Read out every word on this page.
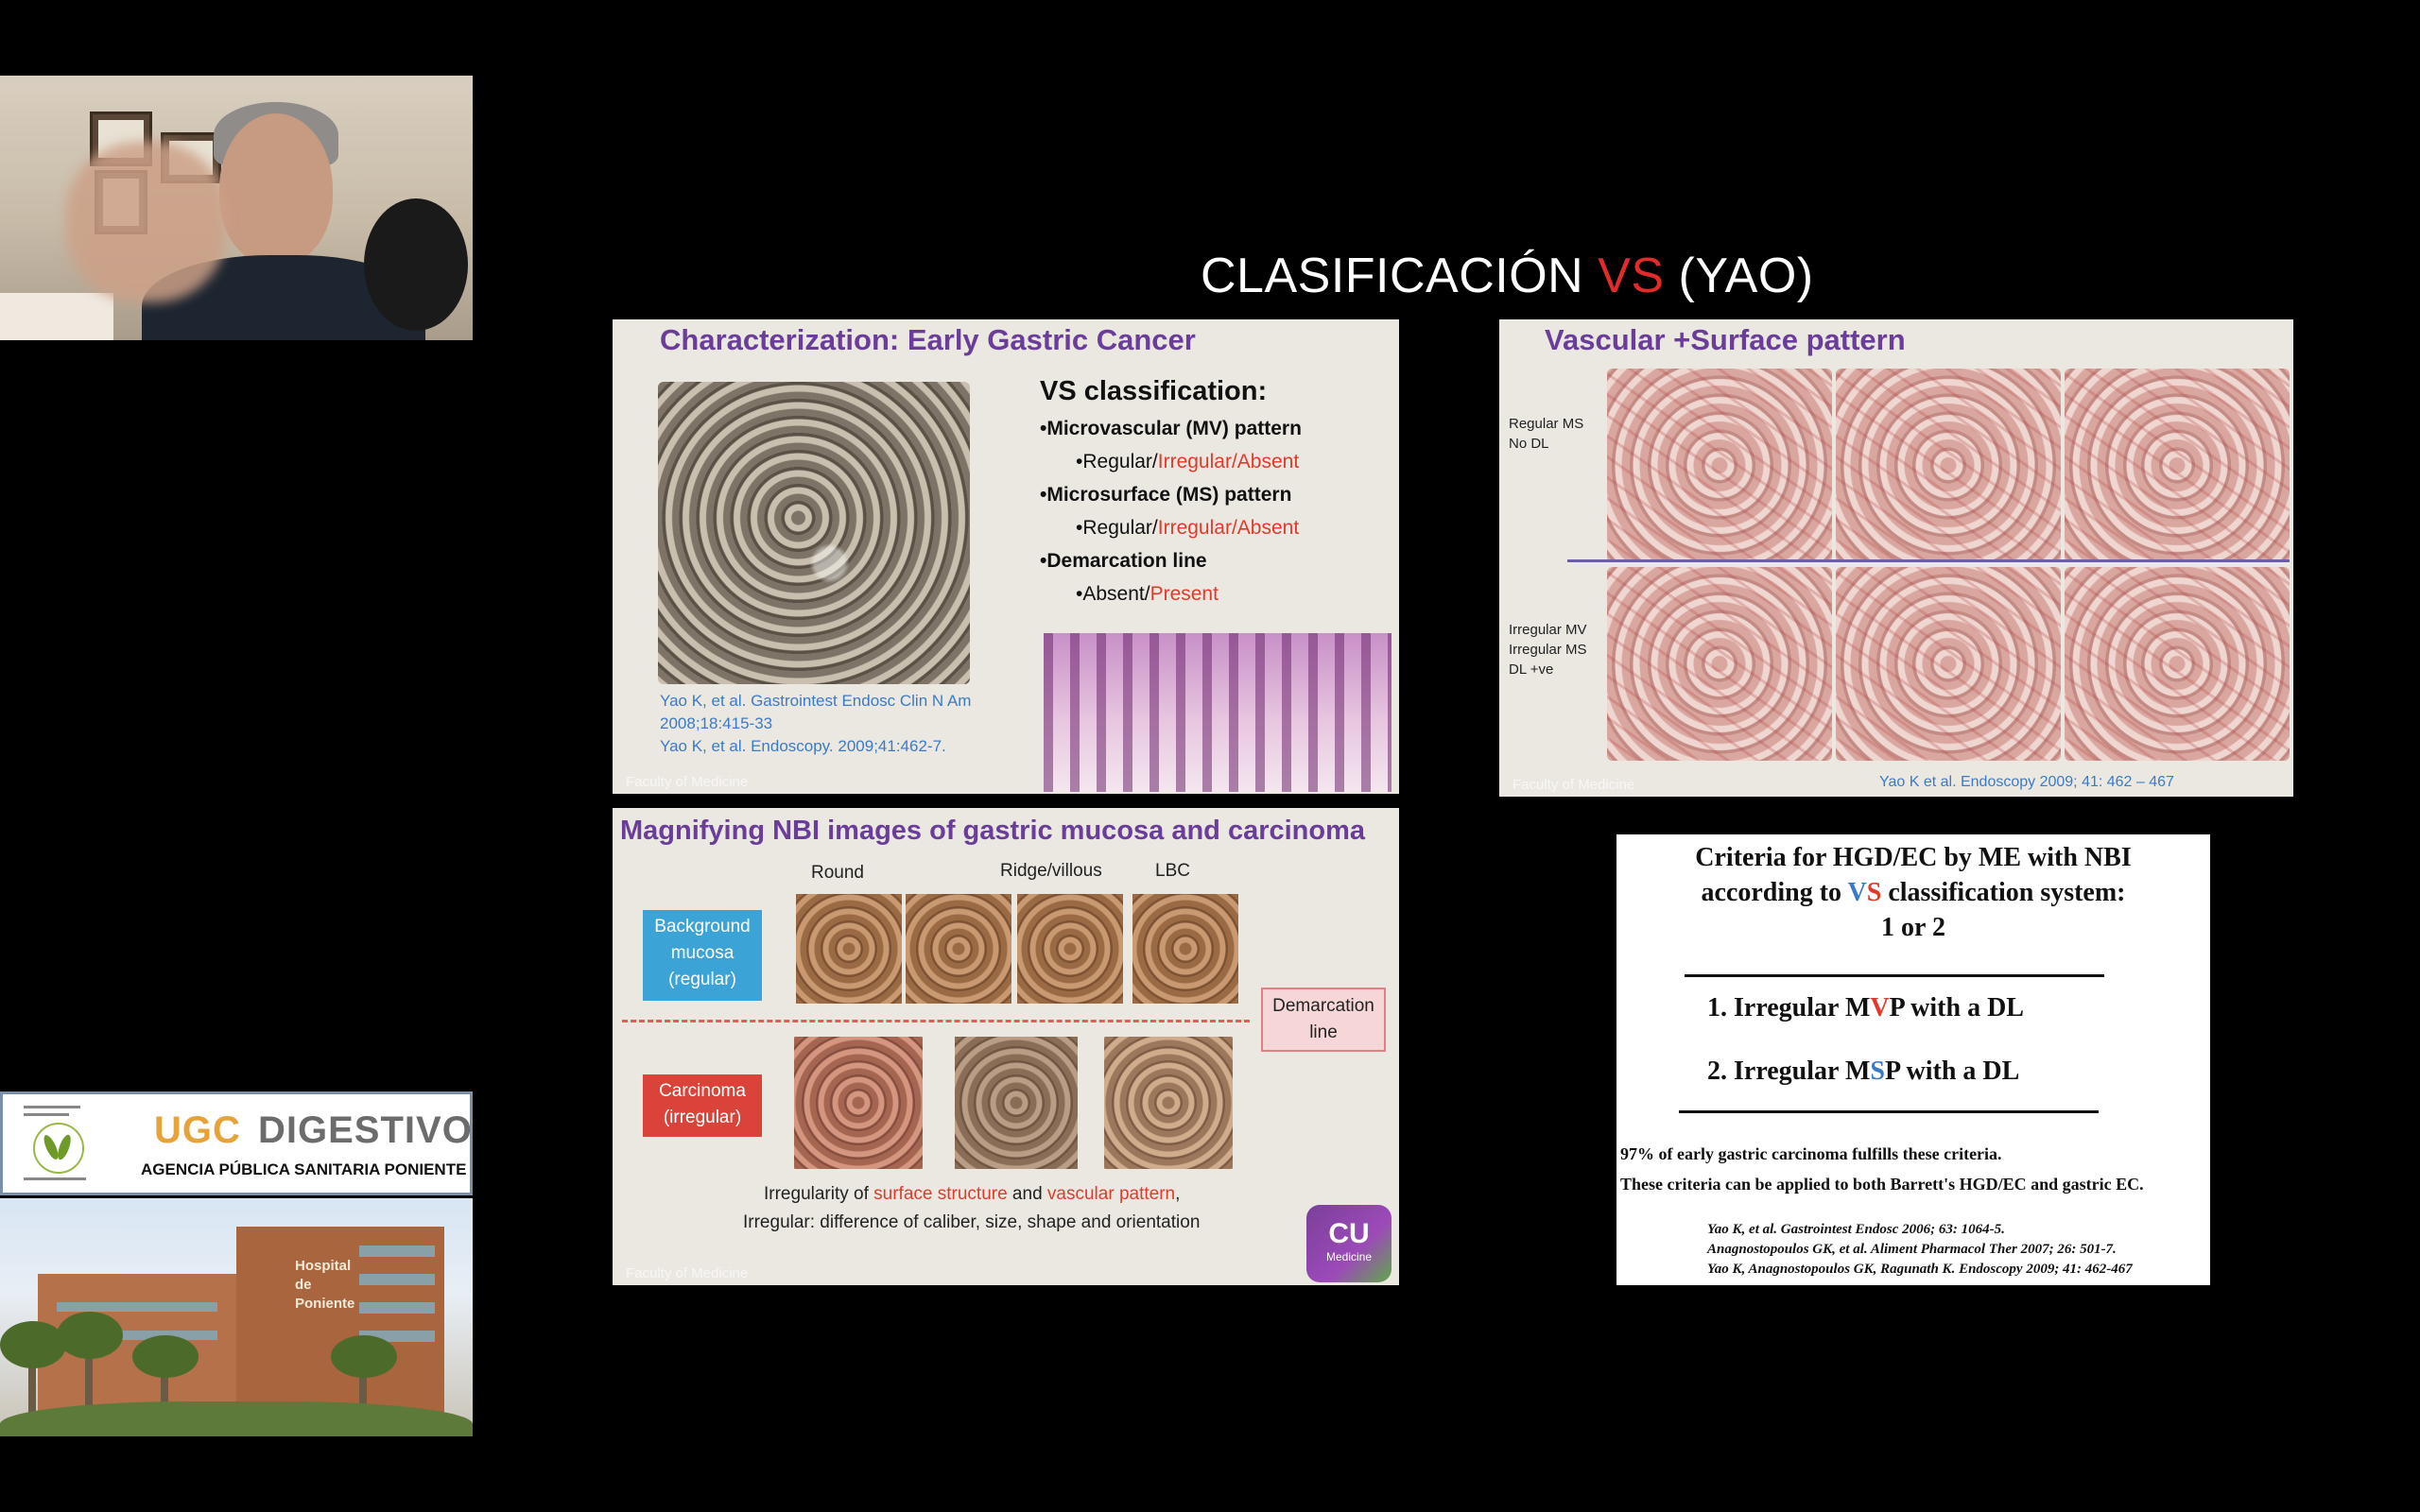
UGC DIGESTIVO
AGENCIA PÚBLICA SANITARIA PONIENTE
Hospital
de
Poniente
CLASIFICACIÓN VS (YAO)
Characterization: Early Gastric Cancer
VS classification:
•Microvascular (MV) pattern
•Regular/Irregular/Absent
•Microsurface (MS) pattern
•Regular/Irregular/Absent
•Demarcation line
•Absent/Present
Yao K, et al. Gastrointest Endosc Clin N Am
2008;18:415-33
Yao K, et al. Endoscopy. 2009;41:462-7.
Faculty of Medicine
Vascular +Surface pattern
Regular MS
No DL
Irregular MV
Irregular MS
DL +ve
Yao K et al. Endoscopy 2009; 41: 462 – 467
Faculty of Medicine
Magnifying NBI images of gastric mucosa and carcinoma
Round	Ridge/villous	LBC
Background
mucosa
(regular)
Demarcation
line
Carcinoma
(irregular)
Irregularity of surface structure and vascular pattern,
Irregular: difference of caliber, size, shape and orientation	CU
Medicine
Faculty of Medicine
Criteria for HGD/EC by ME with NBI
according to VS classification system:
1 or 2
1. Irregular MVP with a DL
2. Irregular MSP with a DL
97% of early gastric carcinoma fulfills these criteria.
These criteria can be applied to both Barrett's HGD/EC and gastric EC.
Yao K, et al. Gastrointest Endosc 2006; 63: 1064-5.
Anagnostopoulos GK, et al. Aliment Pharmacol Ther 2007; 26: 501-7.
Yao K, Anagnostopoulos GK, Ragunath K. Endoscopy 2009; 41: 462-467
